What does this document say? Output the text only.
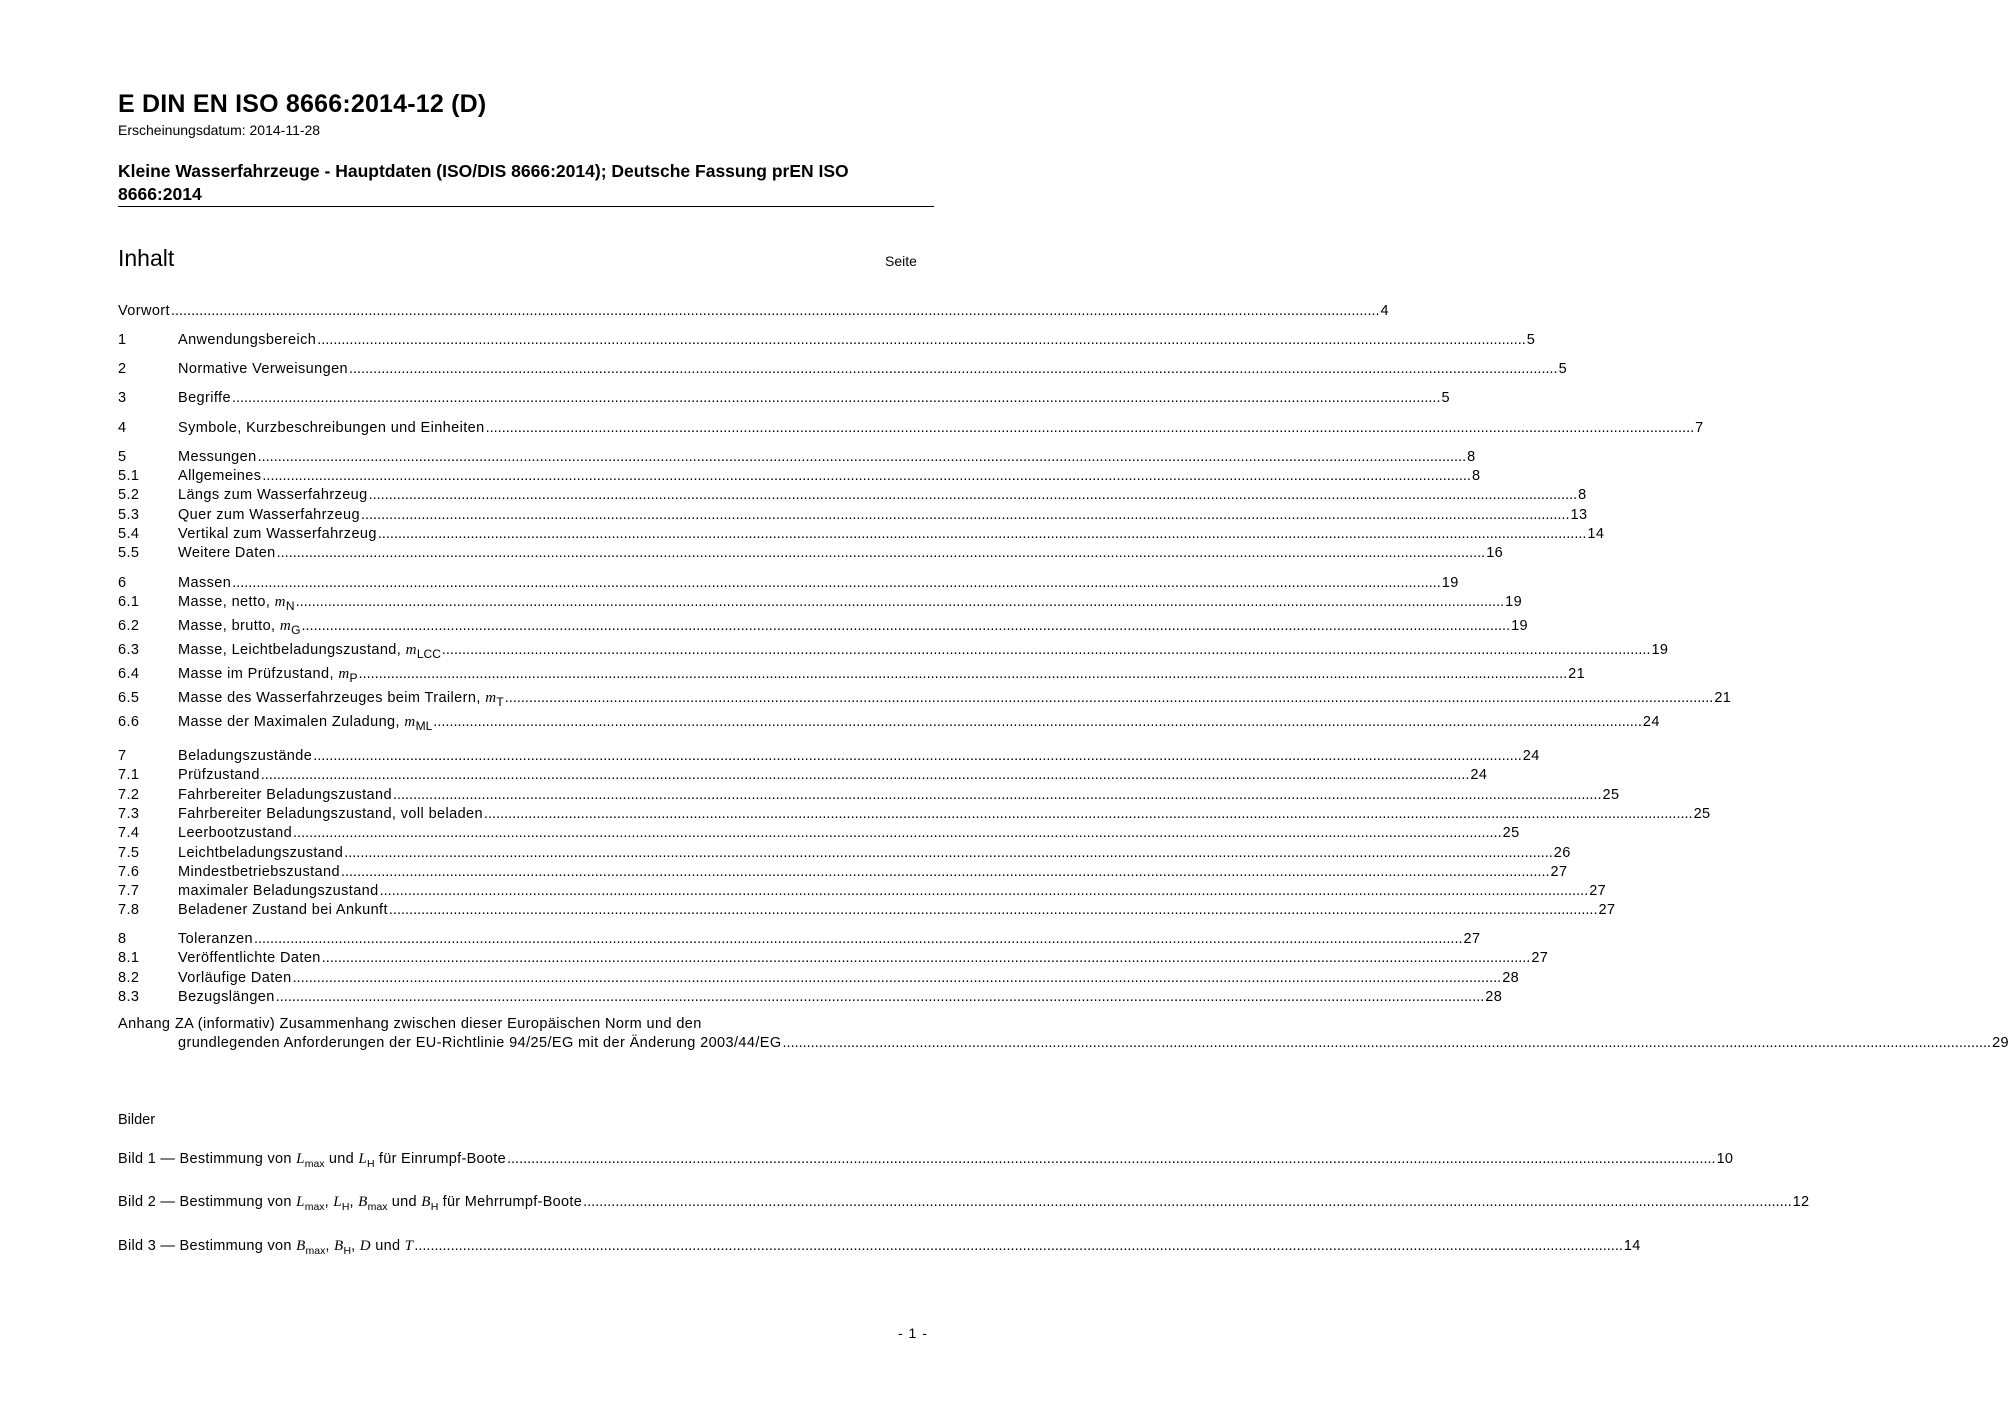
E DIN EN ISO 8666:2014-12 (D)
Erscheinungsdatum: 2014-11-28
Kleine Wasserfahrzeuge - Hauptdaten (ISO/DIS 8666:2014); Deutsche Fassung prEN ISO 8666:2014
Inhalt	Seite
Vorwort ............................................................................................................................................................................................................................................................................................................ 4
1	Anwendungsbereich ............................................................................................................................................................................................................................................................................................................ 5
2	Normative Verweisungen ............................................................................................................................................................................................................................................................................................................ 5
3	Begriffe ............................................................................................................................................................................................................................................................................................................ 5
4	Symbole, Kurzbeschreibungen und Einheiten ............................................................................................................................................................................................................................................................................................................ 7
5	Messungen ............................................................................................................................................................................................................................................................................................................ 8
5.1	Allgemeines ............................................................................................................................................................................................................................................................................................................ 8
5.2	Längs zum Wasserfahrzeug ............................................................................................................................................................................................................................................................................................................ 8
5.3	Quer zum Wasserfahrzeug ............................................................................................................................................................................................................................................................................................................ 13
5.4	Vertikal zum Wasserfahrzeug ............................................................................................................................................................................................................................................................................................................ 14
5.5	Weitere Daten ............................................................................................................................................................................................................................................................................................................ 16
6	Massen ............................................................................................................................................................................................................................................................................................................ 19
6.1	Masse, netto, $m_N$ ............................................................................................................................................................................................................................................................................................................ 19
6.2	Masse, brutto, $m_G$ ............................................................................................................................................................................................................................................................................................................ 19
6.3	Masse, Leichtbeladungszustand, $m_{LCC}$ ............................................................................................................................................................................................................................................................................................................ 19
6.4	Masse im Prüfzustand, $m_P$ ............................................................................................................................................................................................................................................................................................................ 21
6.5	Masse des Wasserfahrzeuges beim Trailern, $m_T$ ............................................................................................................................................................................................................................................................................................................ 21
6.6	Masse der Maximalen Zuladung, $m_{ML}$ ............................................................................................................................................................................................................................................................................................................ 24
7	Beladungszustände ............................................................................................................................................................................................................................................................................................................ 24
7.1	Prüfzustand ............................................................................................................................................................................................................................................................................................................ 24
7.2	Fahrbereiter Beladungszustand ............................................................................................................................................................................................................................................................................................................ 25
7.3	Fahrbereiter Beladungszustand, voll beladen ............................................................................................................................................................................................................................................................................................................ 25
7.4	Leerbootzustand ............................................................................................................................................................................................................................................................................................................ 25
7.5	Leichtbeladungszustand ............................................................................................................................................................................................................................................................................................................ 26
7.6	Mindestbetriebszustand ............................................................................................................................................................................................................................................................................................................ 27
7.7	maximaler Beladungszustand ............................................................................................................................................................................................................................................................................................................ 27
7.8	Beladener Zustand bei Ankunft ............................................................................................................................................................................................................................................................................................................ 27
8	Toleranzen ............................................................................................................................................................................................................................................................................................................ 27
8.1	Veröffentlichte Daten ............................................................................................................................................................................................................................................................................................................ 27
8.2	Vorläufige Daten ............................................................................................................................................................................................................................................................................................................ 28
8.3	Bezugslängen ............................................................................................................................................................................................................................................................................................................ 28
Anhang ZA (informativ) Zusammenhang zwischen dieser Europäischen Norm und den
grundlegenden Anforderungen der EU-Richtlinie 94/25/EG mit der Änderung 2003/44/EG ............................................................................................................................................................................................................................................................................................................ 29
Bilder
Bild 1 — Bestimmung von $L_{max}$ und $L_H$ für Einrumpf-Boote ............................................................................................................................................................................................................................................................................................................ 10
Bild 2 — Bestimmung von $L_{max}$, $L_H$, $B_{max}$ und $B_H$ für Mehrrumpf-Boote ............................................................................................................................................................................................................................................................................................................ 12
Bild 3 — Bestimmung von $B_{max}$, $B_H$, D und T ............................................................................................................................................................................................................................................................................................................ 14
- 1 -
